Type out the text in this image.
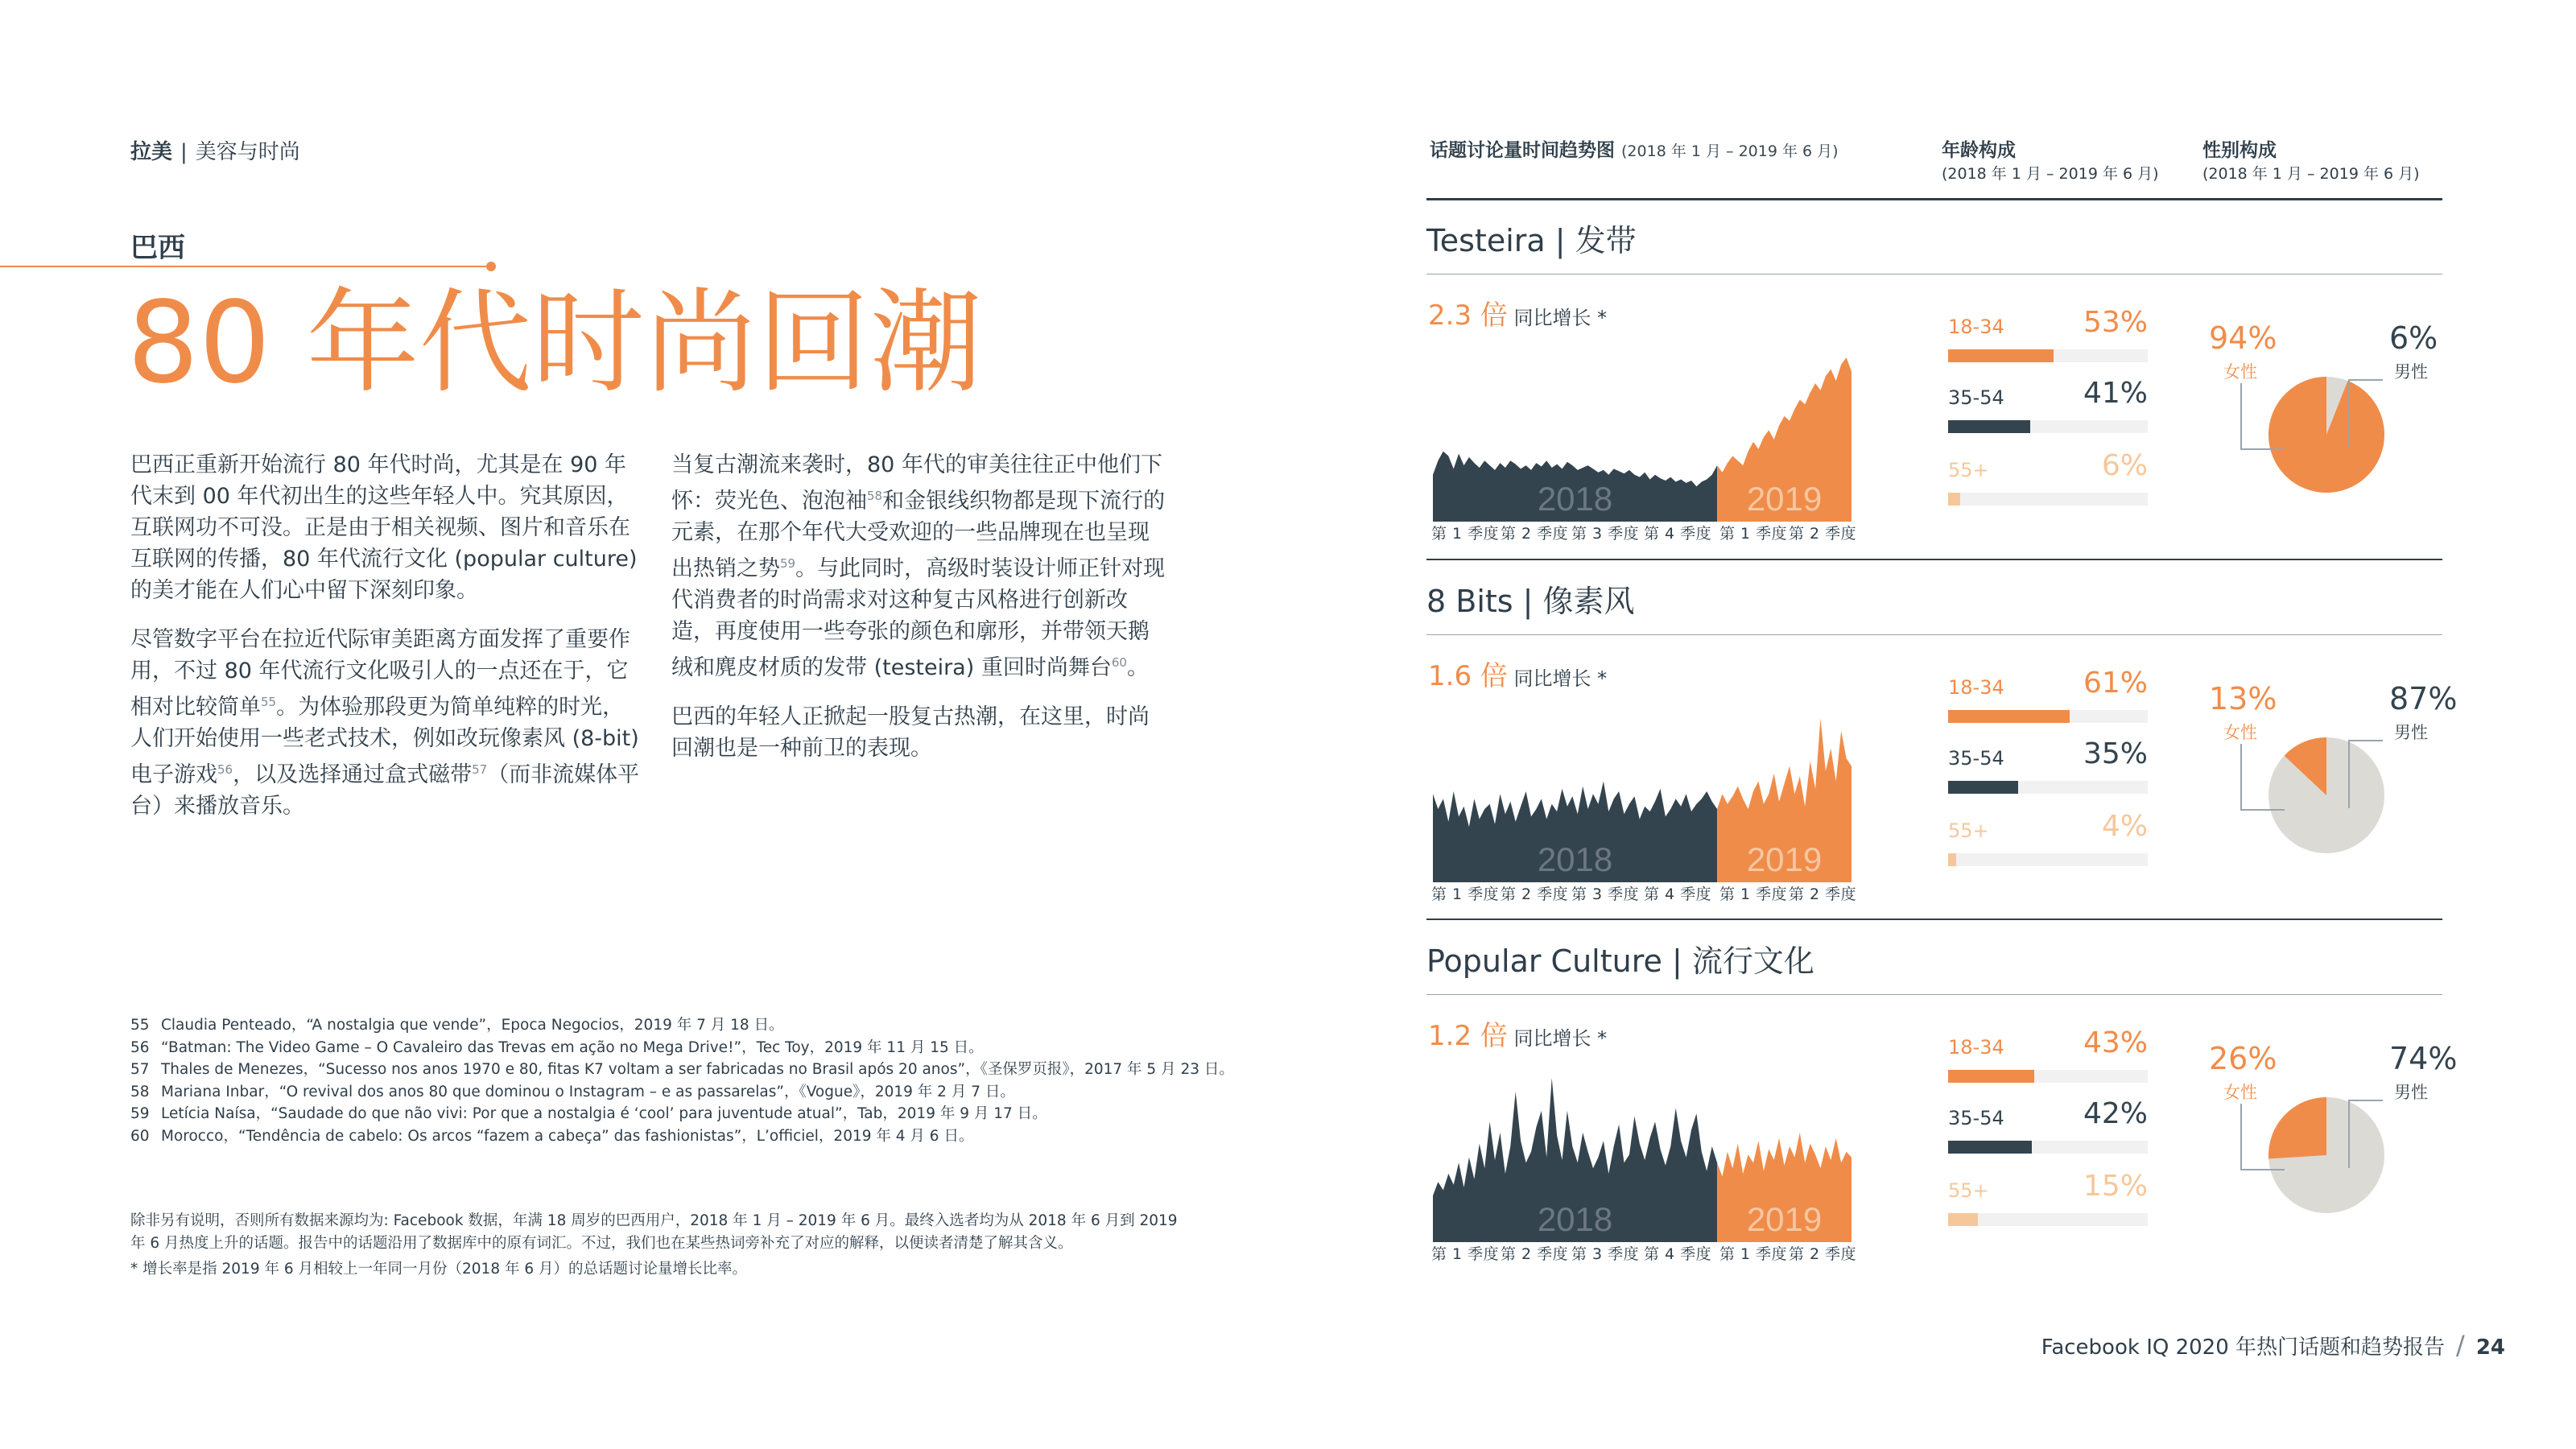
拉美 | 美容与时尚
巴西
80 年代时尚回潮

巴西正重新开始流行 80 年代时尚，尤其是在 90 年代末到 00 年代初出生的这些年轻人中。究其原因，互联网功不可没。正是由于相关视频、图片和音乐在互联网的传播，80 年代流行文化 (popular culture) 的美才能在人们心中留下深刻印象。

尽管数字平台在拉近代际审美距离方面发挥了重要作用，不过 80 年代流行文化吸引人的一点还在于，它相对比较简单$^{55}$。为体验那段更为简单纯粹的时光，人们开始使用一些老式技术，例如改玩像素风 (8-bit) 电子游戏$^{56}$，以及选择通过盒式磁带$^{57}$（而非流媒体平台）来播放音乐。

当复古潮流来袭时，80 年代的审美往往正中他们下怀：荧光色、泡泡袖$^{58}$和金银线织物都是现下流行的元素，在那个年代大受欢迎的一些品牌现在也呈现出热销之势$^{59}$。与此同时，高级时装设计师正针对现代消费者的时尚需求对这种复古风格进行创新改造，再度使用一些夸张的颜色和廓形，并带领天鹅绒和麂皮材质的发带 (testeira) 重回时尚舞台$^{60}$。

巴西的年轻人正掀起一股复古热潮，在这里，时尚回潮也是一种前卫的表现。

55 Claudia Penteado，“A nostalgia que vende”，Epoca Negocios，2019 年 7 月 18 日。
56 “Batman: The Video Game – O Cavaleiro das Trevas em ação no Mega Drive!”，Tec Toy，2019 年 11 月 15 日。
57 Thales de Menezes，“Sucesso nos anos 1970 e 80, fitas K7 voltam a ser fabricadas no Brasil após 20 anos”，《圣保罗页报》，2017 年 5 月 23 日。
58 Mariana Inbar，“O revival dos anos 80 que dominou o Instagram – e as passarelas”，《Vogue》，2019 年 2 月 7 日。
59 Letícia Naísa，“Saudade do que não vivi: Por que a nostalgia é ‘cool’ para juventude atual”，Tab，2019 年 9 月 17 日。
60 Morocco，“Tendência de cabelo: Os arcos “fazem a cabeça” das fashionistas”，L’officiel，2019 年 4 月 6 日。
除非另有说明，否则所有数据来源均为: Facebook 数据，年满 18 周岁的巴西用户，2018 年 1 月 – 2019 年 6 月。最终入选者均为从 2018 年 6 月到 2019 年 6 月热度上升的话题。报告中的话题沿用了数据库中的原有词汇。不过，我们也在某些热词旁补充了对应的解释，以便读者清楚了解其含义。
* 增长率是指 2019 年 6 月相较上一年同一月份（2018 年 6 月）的总话题讨论量增长比率。
话题讨论量时间趋势图 (2018 年 1 月 – 2019 年 6 月)	年龄构成
(2018 年 1 月 – 2019 年 6 月)
性别构成
(2018 年 1 月 – 2019 年 6 月)
Testeira | 发带
2.3 倍 同比增长 *
2018	2019
第 1 季度 第 2 季度 第 3 季度 第 4 季度 第 1 季度 第 2 季度
18-34	53%
35-54	41%
55+	6%
94%
女性
6%
男性
8 Bits | 像素风
1.6 倍 同比增长 *
2018	2019
第 1 季度 第 2 季度 第 3 季度 第 4 季度 第 1 季度 第 2 季度
18-34	61%
35-54	35%
55+	4%
13%
女性
87%
男性
Popular Culture | 流行文化
1.2 倍 同比增长 *
2018	2019
第 1 季度 第 2 季度 第 3 季度 第 4 季度 第 1 季度 第 2 季度
18-34	43%
35-54	42%
55+	15%
26%
女性
74%
男性
Facebook IQ 2020 年热门话题和趋势报告 / 24
